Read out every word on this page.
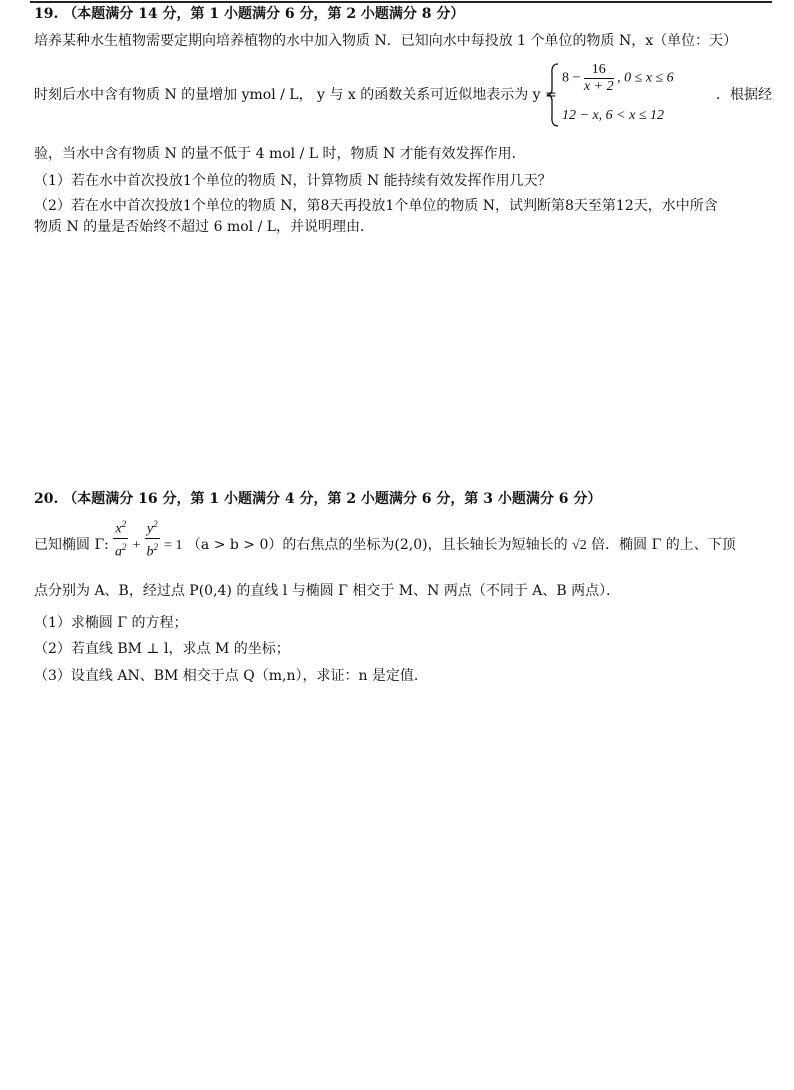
19. （本题满分 14 分，第 1 小题满分 6 分，第 2 小题满分 8 分）
培养某种水生植物需要定期向培养植物的水中加入物质 N．已知向水中每投放 1 个单位的物质 N，x（单位：天）
时刻后水中含有物质 N 的量增加 ymol / L， y 与 x 的函数关系可近似地表示为 y =
$8 - \frac{16}{x + 2}$ , 0 ≤ x ≤ 6
12 − x, 6 < x ≤ 12
．根据经
验，当水中含有物质 N 的量不低于 4 mol / L 时，物质 N 才能有效发挥作用．
（1）若在水中首次投放1个单位的物质 N，计算物质 N 能持续有效发挥作用几天？
（2）若在水中首次投放1个单位的物质 N，第8天再投放1个单位的物质 N，试判断第8天至第12天，水中所含
物质 N 的量是否始终不超过 6 mol / L，并说明理由．
20. （本题满分 16 分，第 1 小题满分 4 分，第 2 小题满分 6 分，第 3 小题满分 6 分）
已知椭圆 Γ: $\frac{x^2}{a^2} + \frac{y^2}{b^2} = 1$ （a > b > 0）的右焦点的坐标为(2,0)，且长轴长为短轴长的 √2 倍．椭圆 Γ 的上、下顶
点分别为 A、B，经过点 P(0,4) 的直线 l 与椭圆 Γ 相交于 M、N 两点（不同于 A、B 两点）．
（1）求椭圆 Γ 的方程；
（2）若直线 BM ⊥ l，求点 M 的坐标；
（3）设直线 AN、BM 相交于点 Q（m,n），求证：n 是定值．
